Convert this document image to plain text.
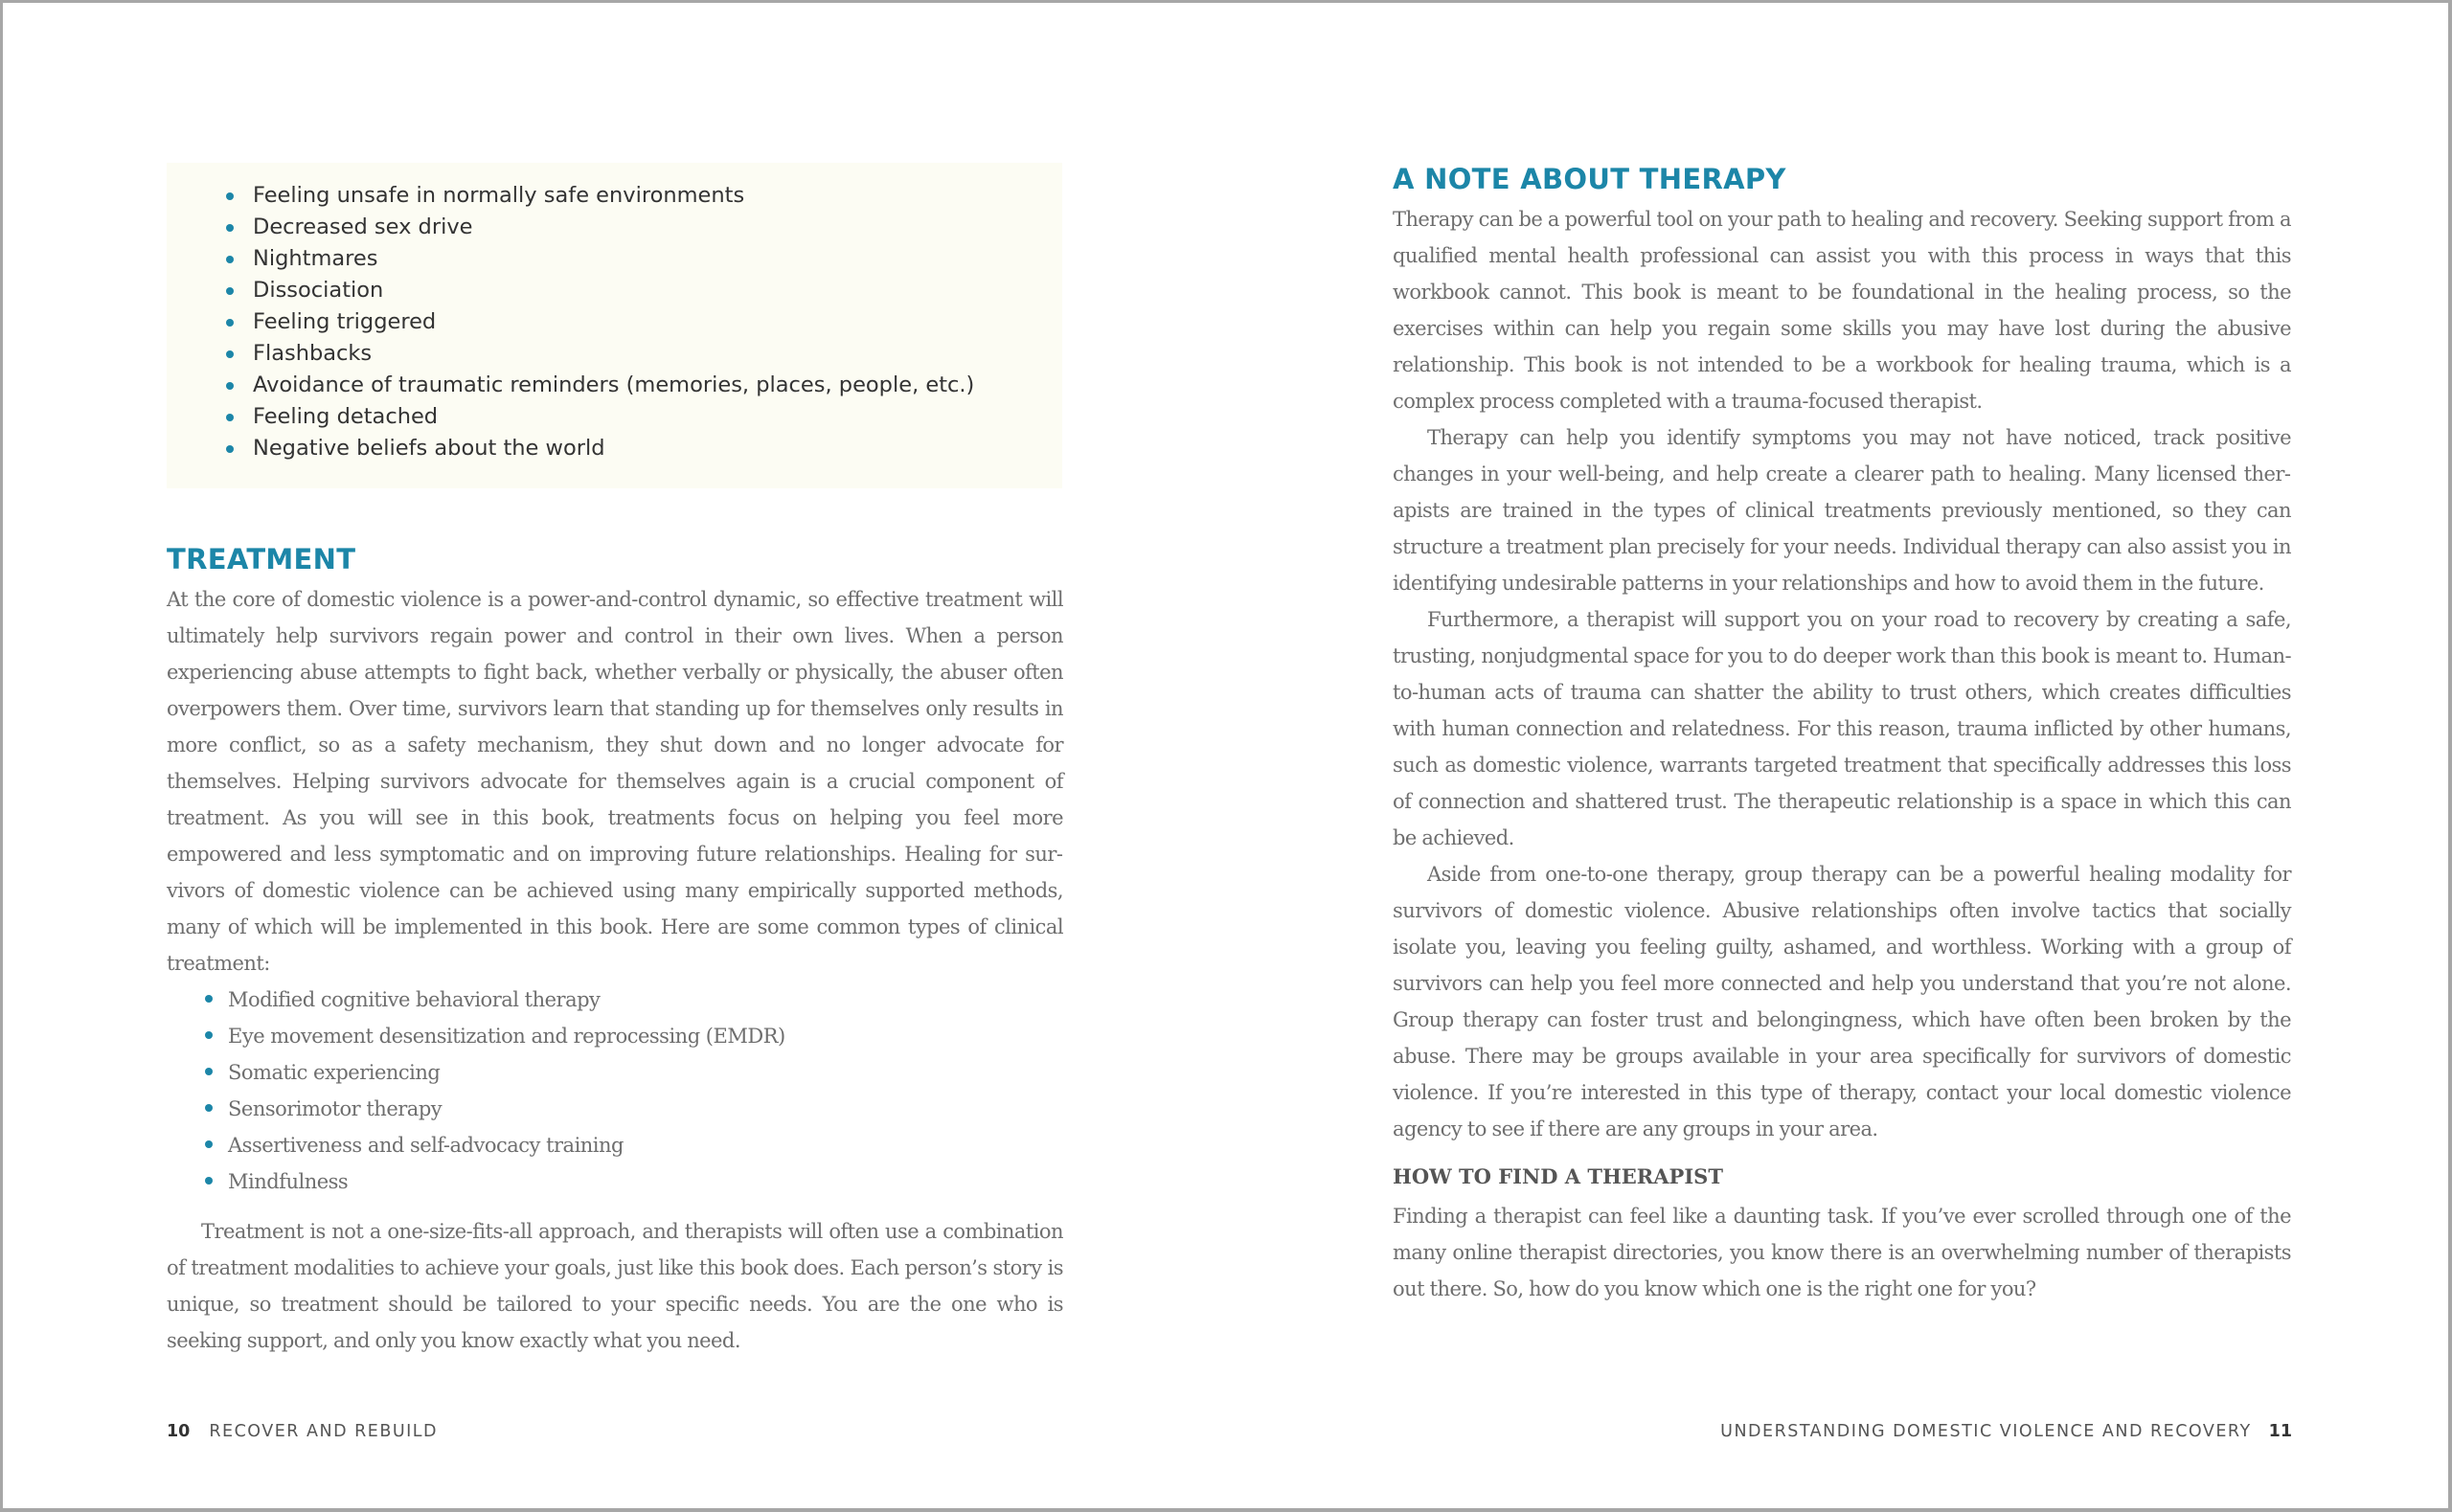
Feeling unsafe in normally safe environments
Decreased sex drive
Nightmares
Dissociation
Feeling triggered
Flashbacks
Avoidance of traumatic reminders (memories, places, people, etc.)
Feeling detached
Negative beliefs about the world
TREATMENT

At the core of domestic violence is a power-and-control dynamic, so effective treatment will ultimately help survivors regain power and control in their own lives. When a person experiencing abuse attempts to fight back, whether verbally or physically, the abuser often overpowers them. Over time, survivors learn that standing up for themselves only results in more conflict, so as a safety mechanism, they shut down and no longer advocate for themselves. Helping survivors advocate for themselves again is a crucial component of treatment. As you will see in this book, treatments focus on helping you feel more empowered and less symptomatic and on improving future relationships. Healing for survivors of domestic violence can be achieved using many empirically supported methods, many of which will be implemented in this book. Here are some common types of clinical treatment:

Modified cognitive behavioral therapy
Eye movement desensitization and reprocessing (EMDR)
Somatic experiencing
Sensorimotor therapy
Assertiveness and self-advocacy training
Mindfulness

Treatment is not a one-size-fits-all approach, and therapists will often use a combination of treatment modalities to achieve your goals, just like this book does. Each person’s story is unique, so treatment should be tailored to your specific needs. You are the one who is seeking support, and only you know exactly what you need.

A NOTE ABOUT THERAPY

Therapy can be a powerful tool on your path to healing and recovery. Seeking support from a qualified mental health professional can assist you with this process in ways that this workbook cannot. This book is meant to be foundational in the healing process, so the exercises within can help you regain some skills you may have lost during the abusive relationship. This book is not intended to be a workbook for healing trauma, which is a complex process completed with a trauma-focused therapist.

Therapy can help you identify symptoms you may not have noticed, track positive changes in your well-being, and help create a clearer path to healing. Many licensed therapists are trained in the types of clinical treatments previously mentioned, so they can structure a treatment plan precisely for your needs. Individual therapy can also assist you in identifying undesirable patterns in your relationships and how to avoid them in the future.

Furthermore, a therapist will support you on your road to recovery by creating a safe, trusting, nonjudgmental space for you to do deeper work than this book is meant to. Human-to-human acts of trauma can shatter the ability to trust others, which creates difficulties with human connection and relatedness. For this reason, trauma inflicted by other humans, such as domestic violence, warrants targeted treatment that specifically addresses this loss of connection and shattered trust. The therapeutic relationship is a space in which this can be achieved.

Aside from one-to-one therapy, group therapy can be a powerful healing modality for survivors of domestic violence. Abusive relationships often involve tactics that socially isolate you, leaving you feeling guilty, ashamed, and worthless. Working with a group of survivors can help you feel more connected and help you understand that you’re not alone. Group therapy can foster trust and belongingness, which have often been broken by the abuse. There may be groups available in your area specifically for survivors of domestic violence. If you’re interested in this type of therapy, contact your local domestic violence agency to see if there are any groups in your area.

HOW TO FIND A THERAPIST

Finding a therapist can feel like a daunting task. If you’ve ever scrolled through one of the many online therapist directories, you know there is an overwhelming number of therapists out there. So, how do you know which one is the right one for you?

10 RECOVER AND REBUILD	UNDERSTANDING DOMESTIC VIOLENCE AND RECOVERY 11
